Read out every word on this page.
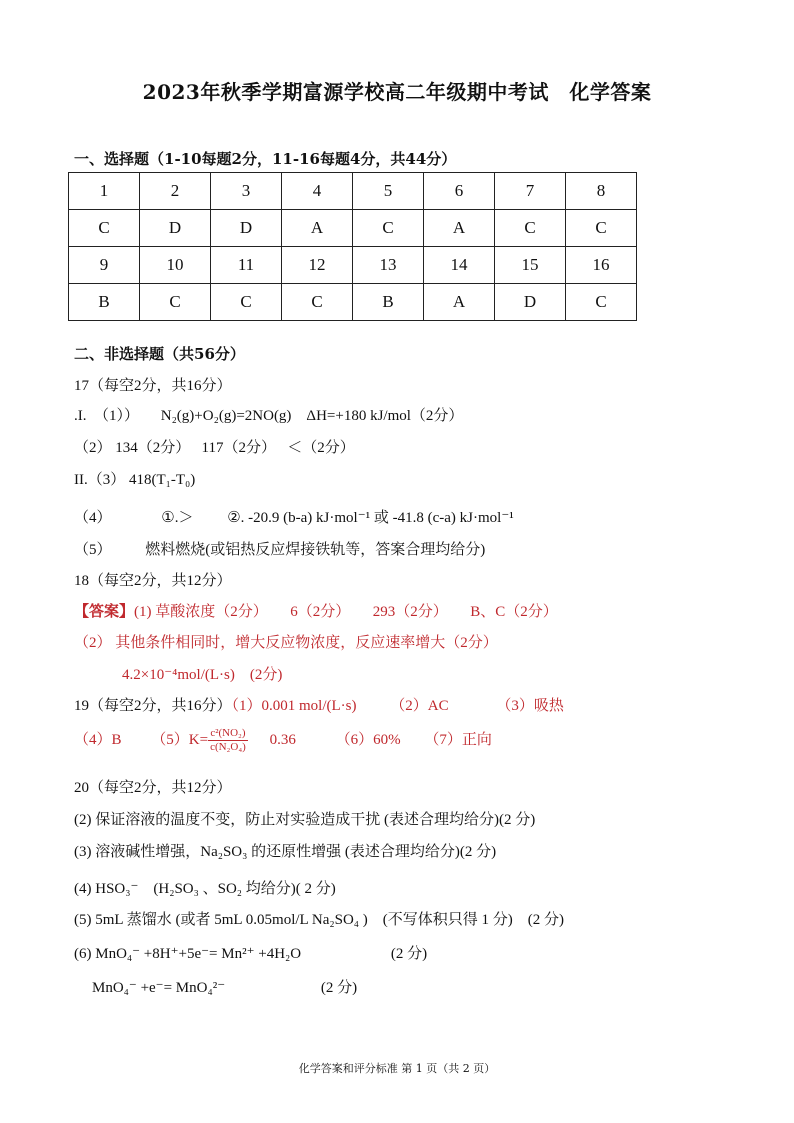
2023年秋季学期富源学校高二年级期中考试　化学答案
一、选择题（1-10每题2分，11-16每题4分，共44分）
1	2	3	4	5	6	7	8
C	D	D	A	C	A	C	C
9	10	11	12	13	14	15	16
B	C	C	C	B	A	D	C
二、非选择题（共56分）
17（每空2分，共16分）
.I.　（1）） N₂(g)+O₂(g)=2NO(g)　ΔH=+180 kJ/mol（2分）
（2） 134（2分）　 117（2分）　 ＜（2分）
II.（3） 418(T₁-T₀)
（4）	①.＞ ②. -20.9 (b-a) kJ·mol⁻¹ 或 -41.8 (c-a) kJ·mol⁻¹
（5） 燃料燃烧(或铝热反应焊接铁轨等，答案合理均给分)
18（每空2分，共12分）
【答案】(1) 草酸浓度（2分）　　6（2分）　　293（2分）　　B、C（2分）
（2） 其他条件相同时，增大反应物浓度，反应速率增大（2分）
4.2×10⁻⁴mol/(L·s)　(2分)
19（每空2分，共16分）（1）0.001 mol/(L·s) （2）AC	（3）吸热
（4）B $(5)K= \frac{\text{c²(NO₂)}}{\text{c(N₂O₄)}} 0.36$	（6）60% （7）正向
20（每空2分，共12分）
(2) 保证溶液的温度不变，防止对实验造成干扰 (表述合理均给分)(2 分)
(3) 溶液碱性增强，Na₂SO₃ 的还原性增强 (表述合理均给分)(2 分)
(4) HSO₃⁻　(H₂SO₃ 、SO₂ 均给分)( 2 分)
(5) 5mL 蒸馏水 (或者 5mL 0.05mol/L Na₂SO₄ )　(不写体积只得 1 分)　(2 分)
(6) MnO₄⁻ +8H⁺+5e⁻= Mn²⁺ +4H₂O	(2 分)
MnO₄⁻ +e⁻= MnO₄²⁻	(2 分)
化学答案和评分标准 第 1 页（共 2 页）
